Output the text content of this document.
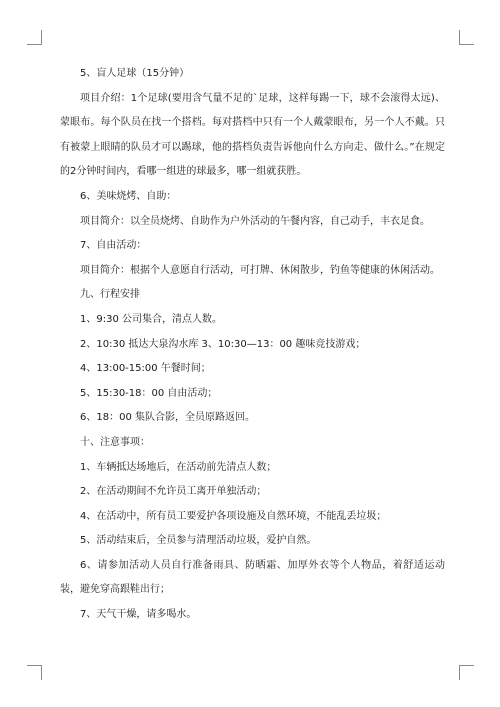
5、盲人足球（15分钟）

项目介绍：1个足球(要用含气量不足的`足球，这样每踢一下，球不会滚得太远)、蒙眼布。每个队员在找一个搭档。每对搭档中只有一个人戴蒙眼布，另一个人不戴。只有被蒙上眼睛的队员才可以踢球，他的搭档负责告诉他向什么方向走、做什么。”在规定的2分钟时间内，看哪一组进的球最多，哪一组就获胜。

6、美味烧烤、自助：

项目简介：以全员烧烤、自助作为户外活动的午餐内容，自己动手，丰衣足食。

7、自由活动：

项目简介：根据个人意愿自行活动，可打牌、休闲散步，钓鱼等健康的休闲活动。

九、行程安排

1、9:30 公司集合，清点人数。

2、10:30 抵达大泉沟水库 3、10:30—13：00 趣味竞技游戏；

4、13:00-15:00 午餐时间；

5、15:30-18：00 自由活动；

6、18：00 集队合影，全员原路返回。

十、注意事项：

1、车辆抵达场地后，在活动前先清点人数；

2、在活动期间不允许员工离开单独活动；

4、在活动中，所有员工要爱护各项设施及自然环境，不能乱丢垃圾；

5、活动结束后，全员参与清理活动垃圾，爱护自然。

6、请参加活动人员自行准备雨具、防晒霜、加厚外衣等个人物品，着舒适运动装，避免穿高跟鞋出行；

7、天气干燥，请多喝水。
